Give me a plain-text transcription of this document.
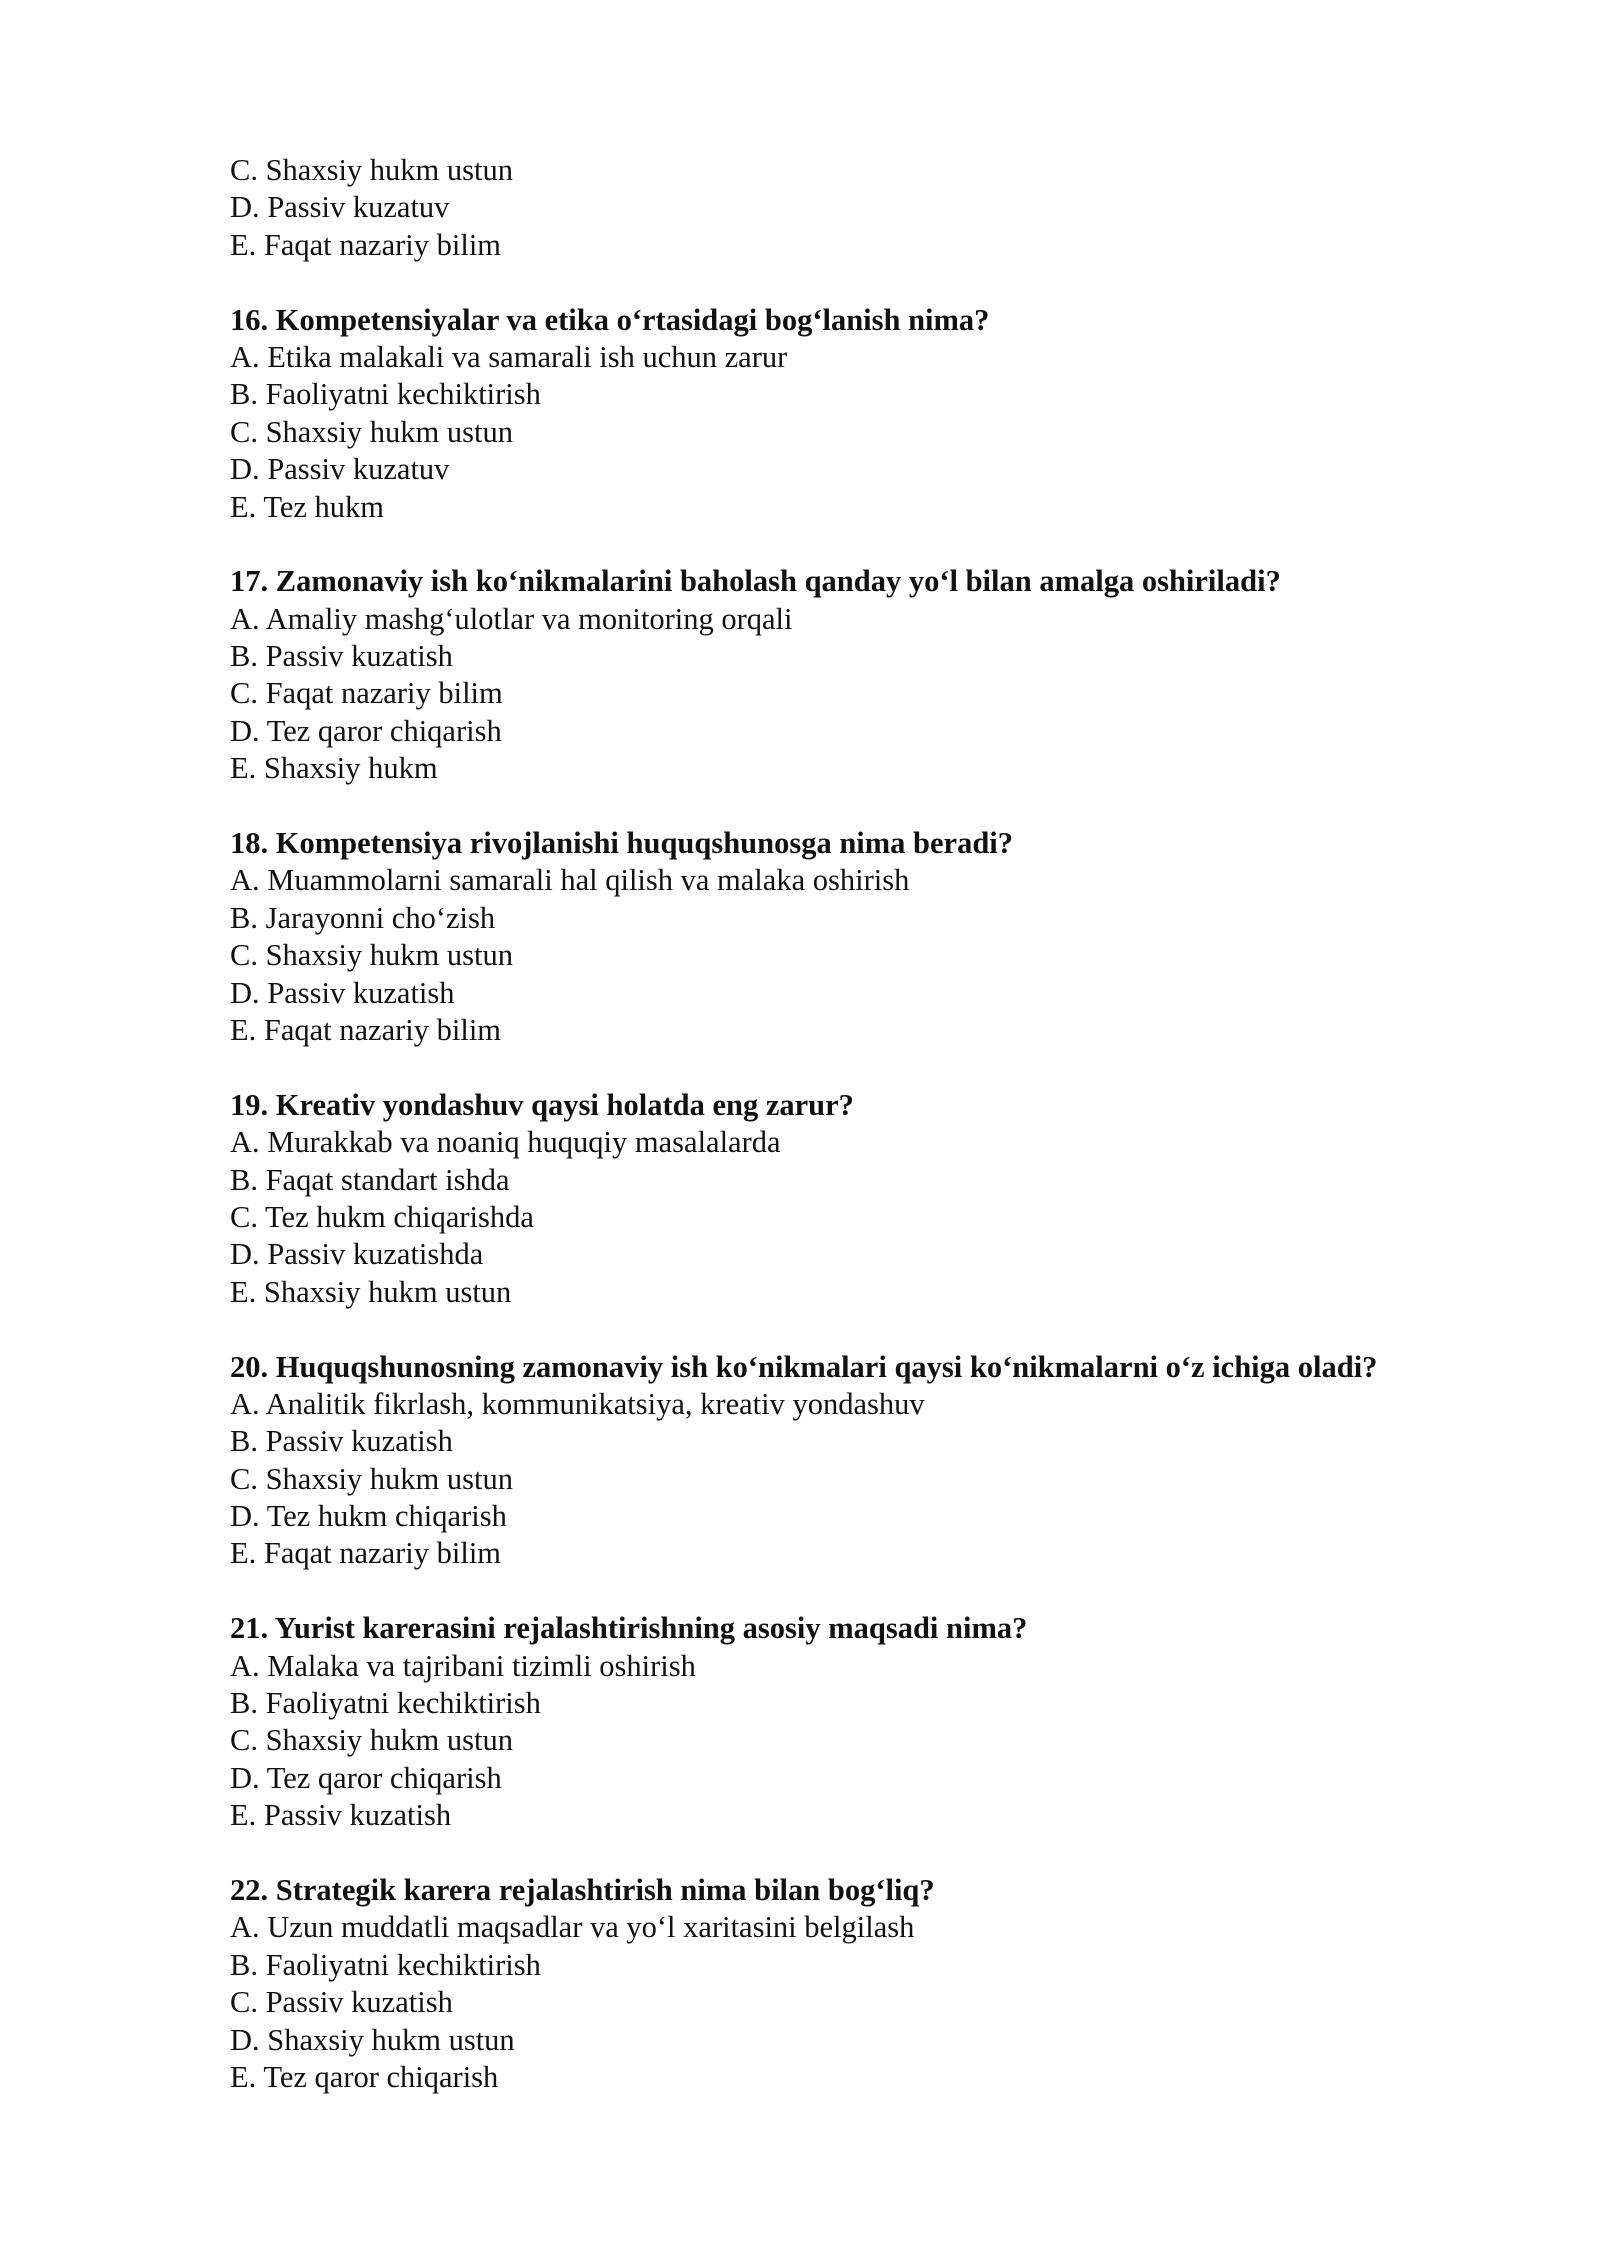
C. Shaxsiy hukm ustun
D. Passiv kuzatuv
E. Faqat nazariy bilim
16. Kompetensiyalar va etika o‘rtasidagi bog‘lanish nima?
A. Etika malakali va samarali ish uchun zarur
B. Faoliyatni kechiktirish
C. Shaxsiy hukm ustun
D. Passiv kuzatuv
E. Tez hukm
17. Zamonaviy ish ko‘nikmalarini baholash qanday yo‘l bilan amalga oshiriladi?
A. Amaliy mashg‘ulotlar va monitoring orqali
B. Passiv kuzatish
C. Faqat nazariy bilim
D. Tez qaror chiqarish
E. Shaxsiy hukm
18. Kompetensiya rivojlanishi huquqshunosga nima beradi?
A. Muammolarni samarali hal qilish va malaka oshirish
B. Jarayonni cho‘zish
C. Shaxsiy hukm ustun
D. Passiv kuzatish
E. Faqat nazariy bilim
19. Kreativ yondashuv qaysi holatda eng zarur?
A. Murakkab va noaniq huquqiy masalalarda
B. Faqat standart ishda
C. Tez hukm chiqarishda
D. Passiv kuzatishda
E. Shaxsiy hukm ustun
20. Huquqshunosning zamonaviy ish ko‘nikmalari qaysi ko‘nikmalarni o‘z ichiga oladi?
A. Analitik fikrlash, kommunikatsiya, kreativ yondashuv
B. Passiv kuzatish
C. Shaxsiy hukm ustun
D. Tez hukm chiqarish
E. Faqat nazariy bilim
21. Yurist karerasini rejalashtirishning asosiy maqsadi nima?
A. Malaka va tajribani tizimli oshirish
B. Faoliyatni kechiktirish
C. Shaxsiy hukm ustun
D. Tez qaror chiqarish
E. Passiv kuzatish
22. Strategik karera rejalashtirish nima bilan bog‘liq?
A. Uzun muddatli maqsadlar va yo‘l xaritasini belgilash
B. Faoliyatni kechiktirish
C. Passiv kuzatish
D. Shaxsiy hukm ustun
E. Tez qaror chiqarish
